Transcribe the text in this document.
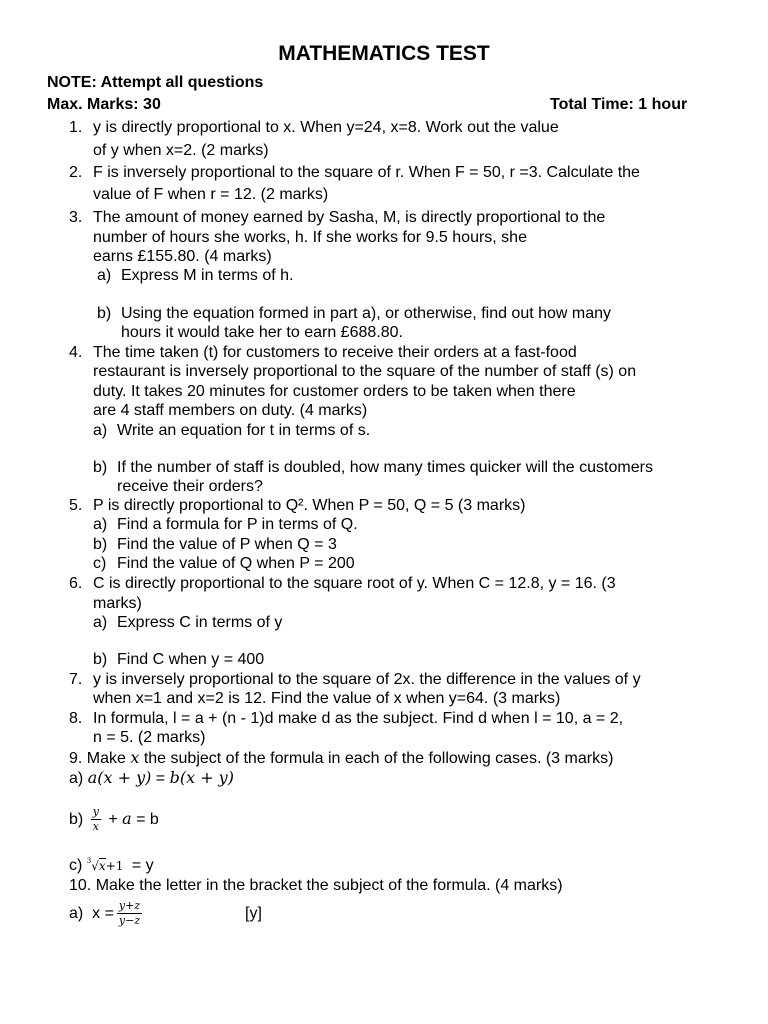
MATHEMATICS TEST
NOTE: Attempt all questions
Max. Marks: 30	Total Time: 1 hour
1. y is directly proportional to x. When y=24, x=8. Work out the value
of y when x=2. (2 marks)
2. F is inversely proportional to the square of r. When F = 50, r =3. Calculate the
value of F when r = 12. (2 marks)
3. The amount of money earned by Sasha, M, is directly proportional to the
number of hours she works, h. If she works for 9.5 hours, she
earns £155.80. (4 marks)
a) Express M in terms of h.
b) Using the equation formed in part a), or otherwise, find out how many
hours it would take her to earn £688.80.
4. The time taken (t) for customers to receive their orders at a fast-food
restaurant is inversely proportional to the square of the number of staff (s) on
duty. It takes 20 minutes for customer orders to be taken when there
are 4 staff members on duty. (4 marks)
a) Write an equation for t in terms of s.
b) If the number of staff is doubled, how many times quicker will the customers
receive their orders?
5. P is directly proportional to Q². When P = 50, Q = 5 (3 marks)
a) Find a formula for P in terms of Q.
b) Find the value of P when Q = 3
c) Find the value of Q when P = 200
6. C is directly proportional to the square root of y. When C = 12.8, y = 16. (3
marks)
a) Express C in terms of y
b) Find C when y = 400
7. y is inversely proportional to the square of 2x. the difference in the values of y
when x=1 and x=2 is 12. Find the value of x when y=64. (3 marks)
8. In formula, l = a + (n - 1)d make d as the subject. Find d when l = 10, a = 2,
n = 5. (2 marks)
9. Make x the subject of the formula in each of the following cases. (3 marks)
a) a(x + y) = b(x + y)
$b) \frac{y}{x} + a = b$
c) $^3$√x+1 = y
10. Make the letter in the bracket the subject of the formula. (4 marks)
a) $x = \frac{y+z}{y-z}$	[y]
